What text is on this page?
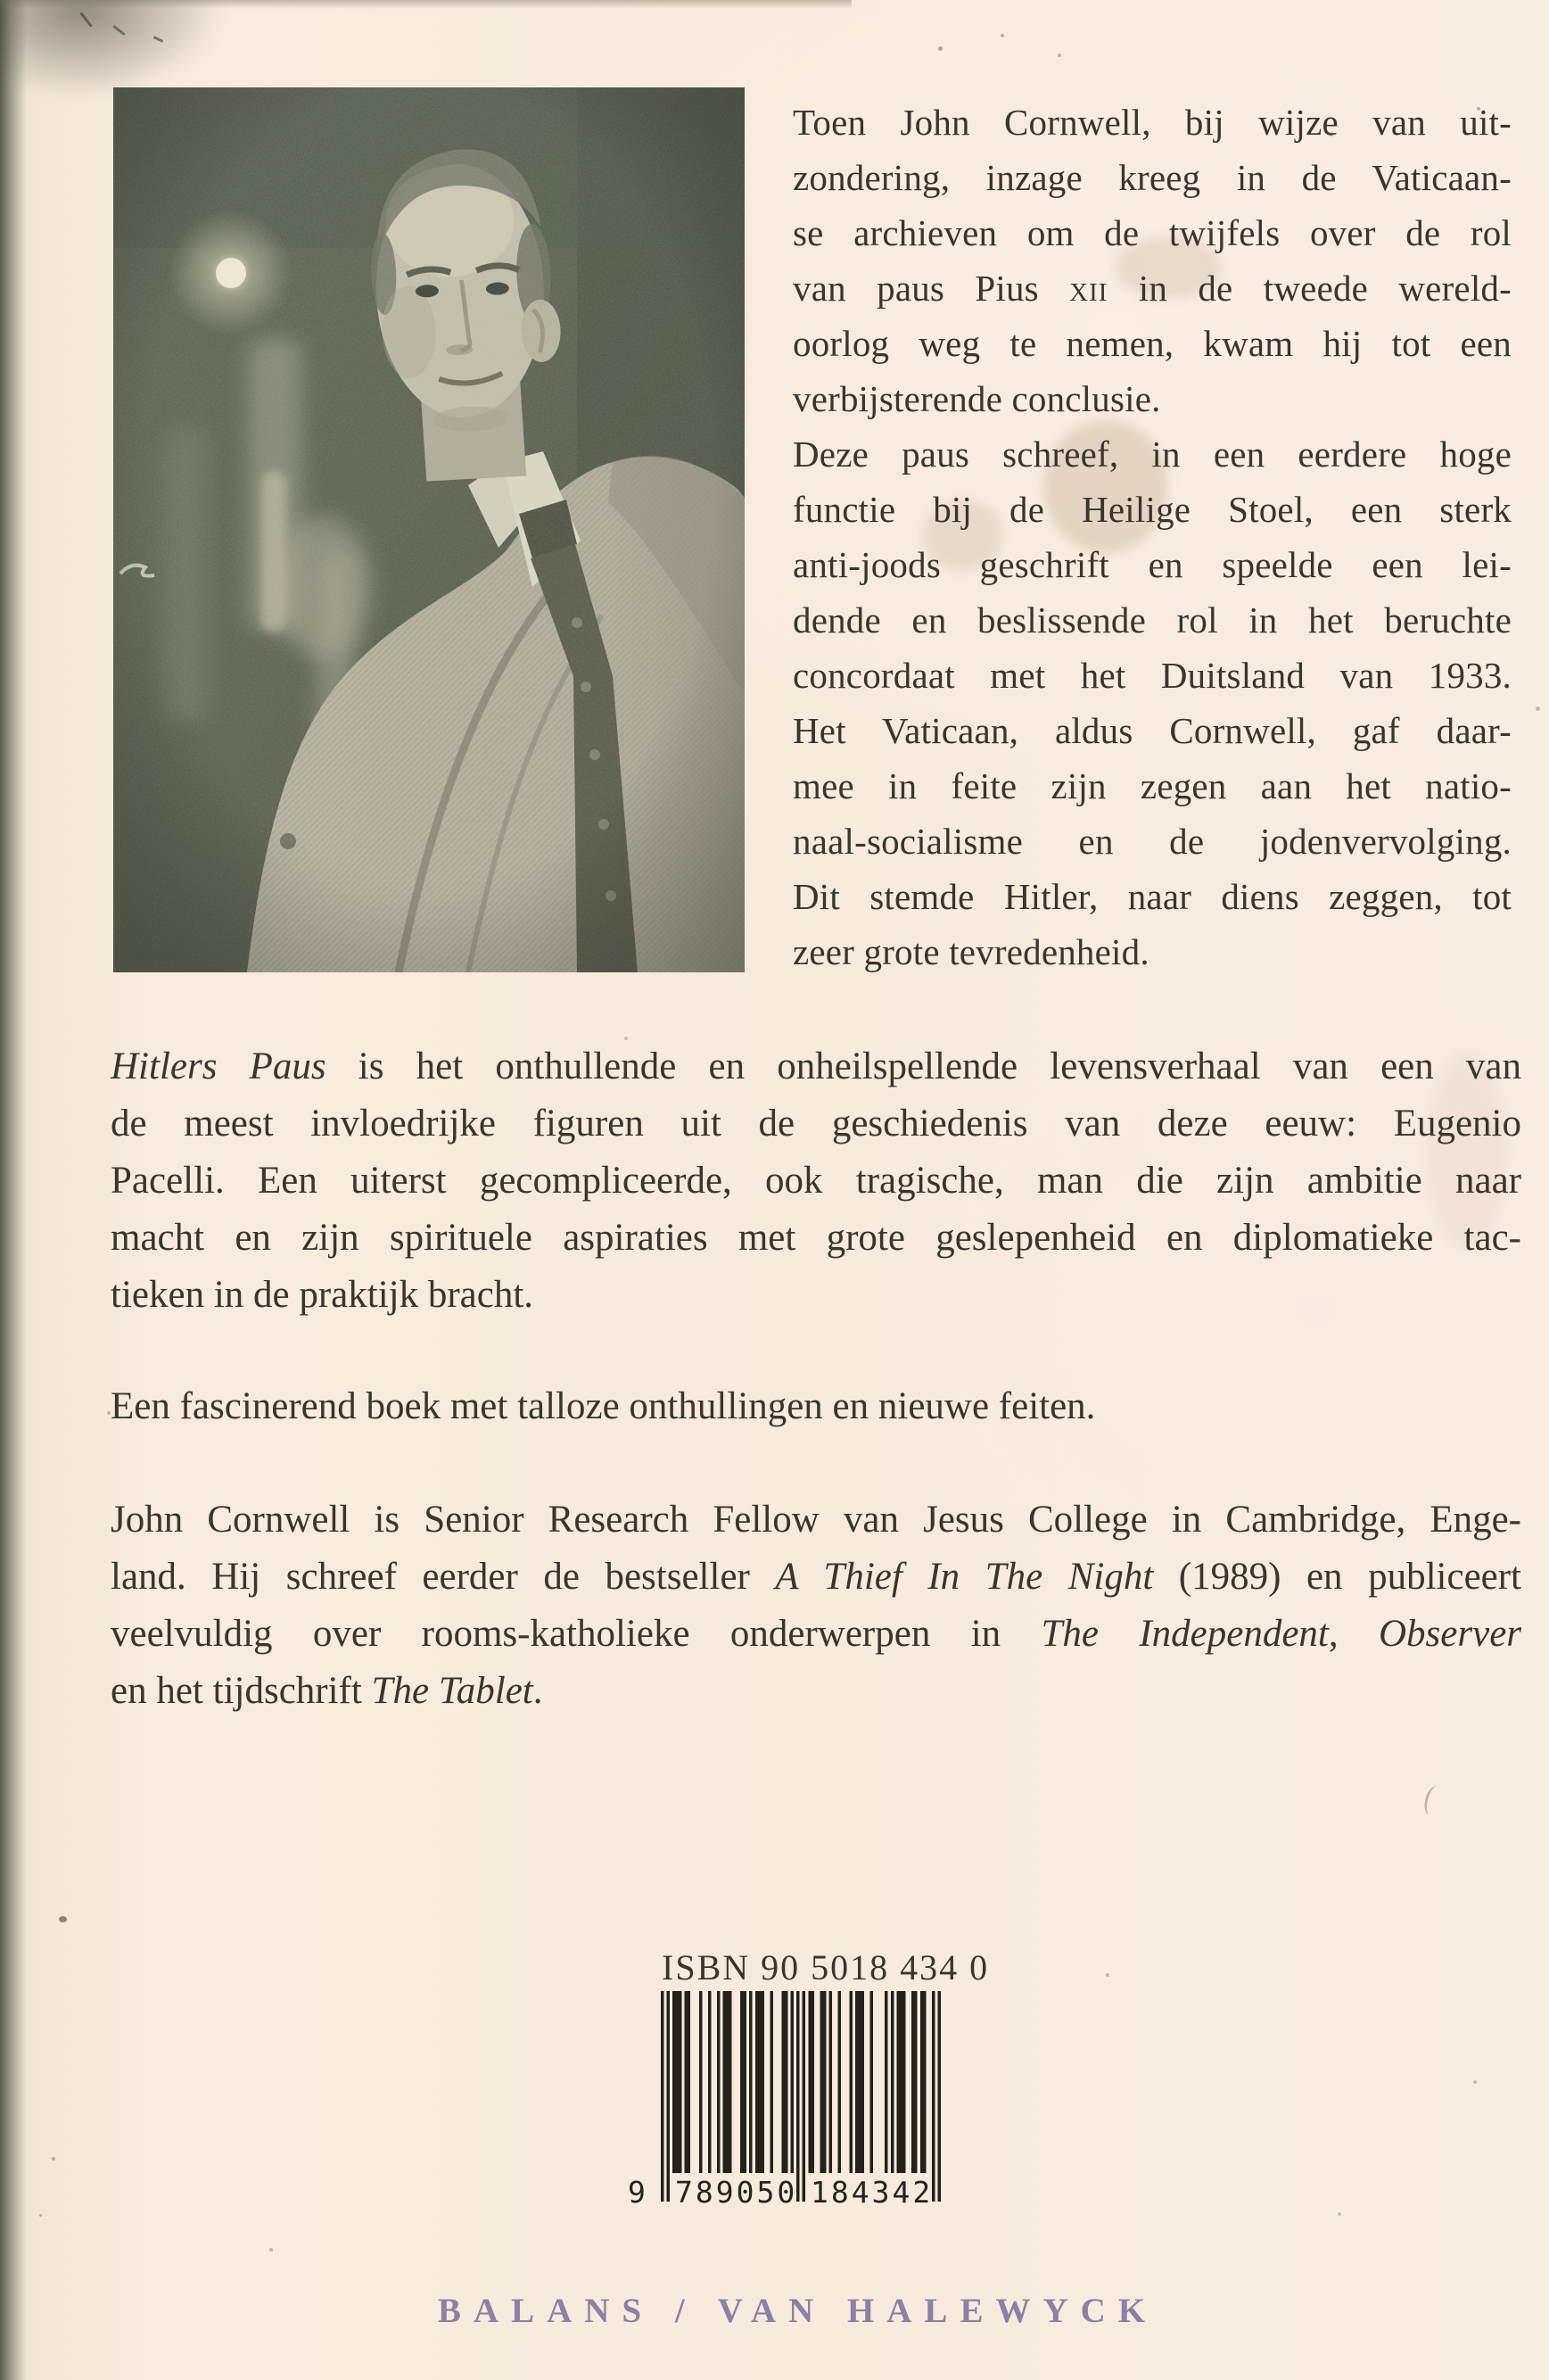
Toen John Cornwell, bij wijze van uit-
zondering, inzage kreeg in de Vaticaan-
se archieven om de twijfels over de rol
van paus Pius xii in de tweede wereld-
oorlog weg te nemen, kwam hij tot een
verbijsterende conclusie.
Deze paus schreef, in een eerdere hoge
functie bij de Heilige Stoel, een sterk
anti-joods geschrift en speelde een lei-
dende en beslissende rol in het beruchte
concordaat met het Duitsland van 1933.
Het Vaticaan, aldus Cornwell, gaf daar-
mee in feite zijn zegen aan het natio-
naal-socialisme en de jodenvervolging.
Dit stemde Hitler, naar diens zeggen, tot
zeer grote tevredenheid.
Hitlers Paus is het onthullende en onheilspellende levensverhaal van een van
de meest invloedrijke figuren uit de geschiedenis van deze eeuw: Eugenio
Pacelli. Een uiterst gecompliceerde, ook tragische, man die zijn ambitie naar
macht en zijn spirituele aspiraties met grote geslepenheid en diplomatieke tac-
tieken in de praktijk bracht.
Een fascinerend boek met talloze onthullingen en nieuwe feiten.
John Cornwell is Senior Research Fellow van Jesus College in Cambridge, Enge-
land. Hij schreef eerder de bestseller A Thief In The Night (1989) en publiceert
veelvuldig over rooms-katholieke onderwerpen in The Independent, Observer
en het tijdschrift The Tablet.
ISBN 90 5018 434 0
9 789050 184342
BALANS / VAN HALEWYCK
